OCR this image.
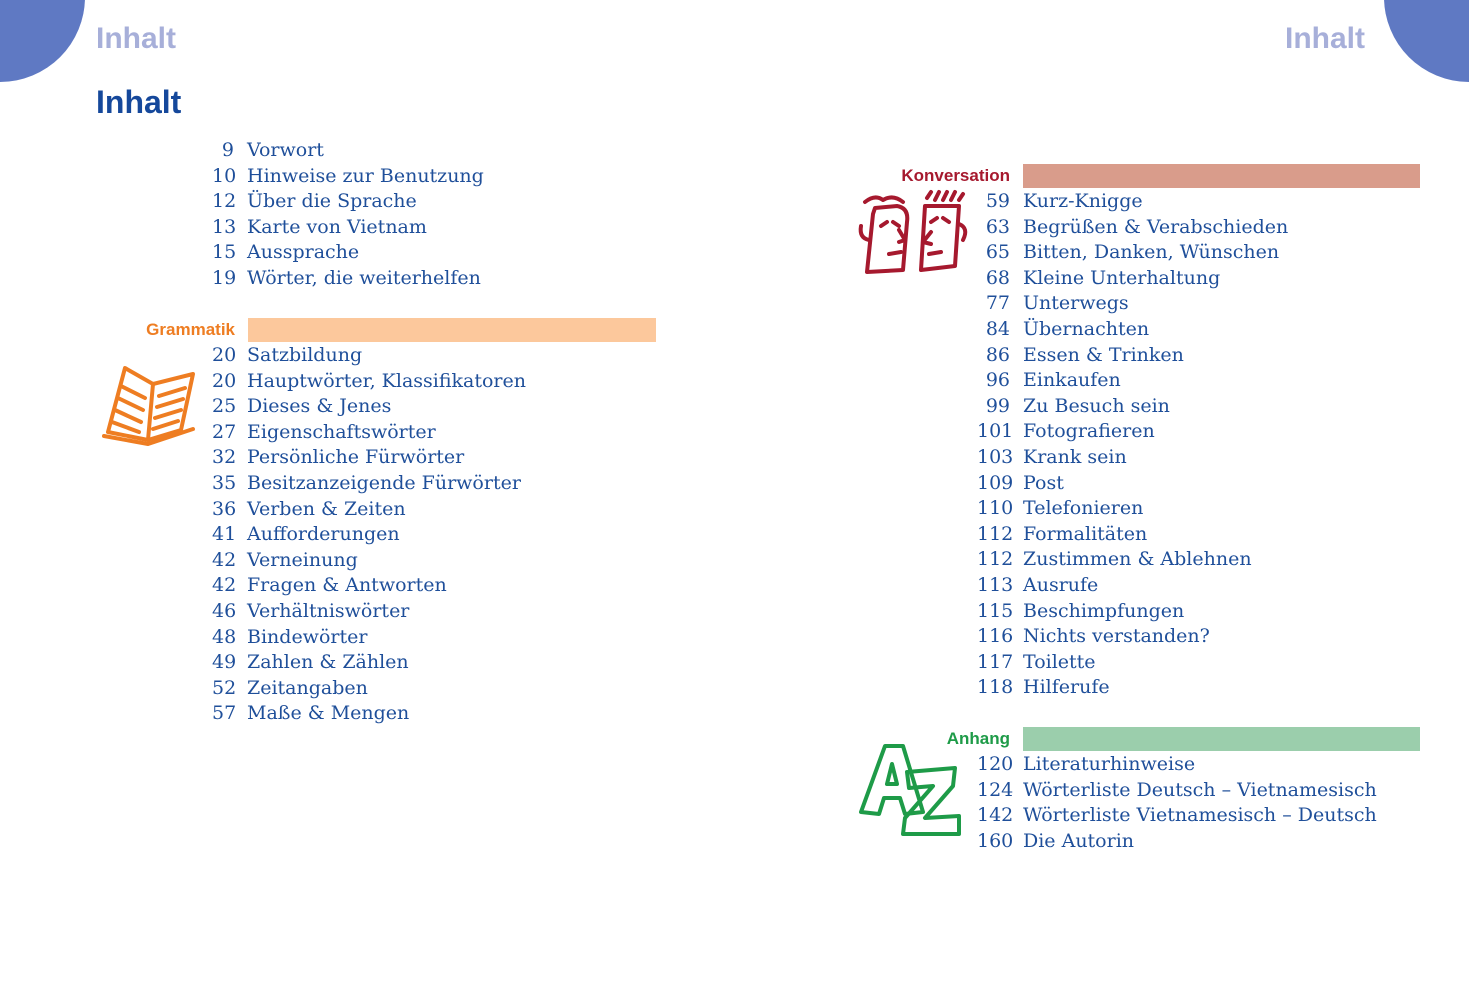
Inhalt	Inhalt
Inhalt
9 Vorwort
10 Hinweise zur Benutzung
12 Über die Sprache
13 Karte von Vietnam
15 Aussprache
19 Wörter, die weiterhelfen
Grammatik
20 Satzbildung
20 Hauptwörter, Klassifikatoren
25 Dieses & Jenes
27 Eigenschaftswörter
32 Persönliche Fürwörter
35 Besitzanzeigende Fürwörter
36 Verben & Zeiten
41 Aufforderungen
42 Verneinung
42 Fragen & Antworten
46 Verhältniswörter
48 Bindewörter
49 Zahlen & Zählen
52 Zeitangaben
57 Maße & Mengen
Konversation
59 Kurz-Knigge
63 Begrüßen & Verabschieden
65 Bitten, Danken, Wünschen
68 Kleine Unterhaltung
77 Unterwegs
84 Übernachten
86 Essen & Trinken
96 Einkaufen
99 Zu Besuch sein
101 Fotografieren
103 Krank sein
109 Post
110 Telefonieren
112 Formalitäten
112 Zustimmen & Ablehnen
113 Ausrufe
115 Beschimpfungen
116 Nichts verstanden?
117 Toilette
118 Hilferufe
Anhang
120 Literaturhinweise
124 Wörterliste Deutsch – Vietnamesisch
142 Wörterliste Vietnamesisch – Deutsch
160 Die Autorin
